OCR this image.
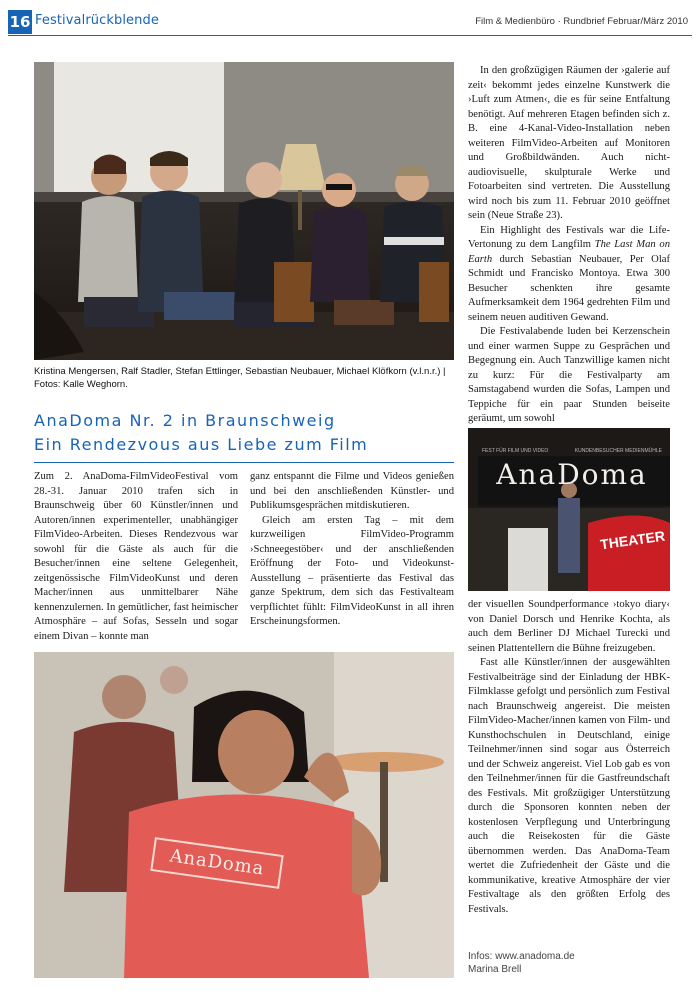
16 Festivalrückblende	Film & Medienbüro · Rundbrief Februar/März 2010
Kristina Mengersen, Ralf Stadler, Stefan Ettlinger, Sebastian Neubauer, Michael Klöfkorn (v.l.n.r.) | Fotos: Kalle Weghorn.
AnaDoma Nr. 2 in Braunschweig
Ein Rendezvous aus Liebe zum Film

Zum 2. AnaDoma-FilmVideoFestival vom 28.-31. Januar 2010 trafen sich in Braunschweig über 60 Künstler/innen und Autoren/innen experimenteller, unabhängiger FilmVideo-Arbeiten. Dieses Rendezvous war sowohl für die Gäste als auch für die Besucher/innen eine seltene Gelegenheit, zeitgenössische FilmVideoKunst und deren Macher/innen aus unmittelbarer Nähe kennenzulernen. In gemütlicher, fast heimischer Atmosphäre – auf Sofas, Sesseln und sogar einem Divan – konnte man

ganz entspannt die Filme und Videos genießen und bei den anschließenden Künstler- und Publikumsgesprächen mitdiskutieren.

Gleich am ersten Tag – mit dem kurzweiligen FilmVideo-Programm ›Schneegestöber‹ und der anschließenden Eröffnung der Foto- und Videokunst-Ausstellung – präsentierte das Festival das ganze Spektrum, dem sich das Festivalteam verpflichtet fühlt: FilmVideoKunst in all ihren Erscheinungsformen.

In den großzügigen Räumen der ›galerie auf zeit‹ bekommt jedes einzelne Kunstwerk die ›Luft zum Atmen‹, die es für seine Entfaltung benötigt. Auf mehreren Etagen befinden sich z. B. eine 4-Kanal-Video-Installation neben weiteren FilmVideo-Arbeiten auf Monitoren und Großbildwänden. Auch nicht-audiovisuelle, skulpturale Werke und Fotoarbeiten sind vertreten. Die Ausstellung wird noch bis zum 11. Februar 2010 geöffnet sein (Neue Straße 23).

Ein Highlight des Festivals war die Life-Vertonung zu dem Langfilm The Last Man on Earth durch Sebastian Neubauer, Per Olaf Schmidt und Francisko Montoya. Etwa 300 Besucher schenkten ihre gesamte Aufmerksamkeit dem 1964 gedrehten Film und seinem neuen auditiven Gewand.

Die Festivalabende luden bei Kerzenschein und einer warmen Suppe zu Gesprächen und Begegnung ein. Auch Tanzwillige kamen nicht zu kurz: Für die Festivalparty am Samstagabend wurden die Sofas, Lampen und Teppiche für ein paar Stunden beiseite geräumt, um sowohl

AnaDoma
FEST FÜR FILM UND VIDEO	KUNDENBESUCHER MEDIENMÜHLE
THEATER

der visuellen Soundperformance ›tokyo diary‹ von Daniel Dorsch und Henrike Kochta, als auch dem Berliner DJ Michael Turecki und seinen Plattentellern die Bühne freizugeben.

Fast alle Künstler/innen der ausgewählten Festivalbeiträge sind der Einladung der HBK-Filmklasse gefolgt und persönlich zum Festival nach Braunschweig angereist. Die meisten FilmVideo-Macher/innen kamen von Film- und Kunsthochschulen in Deutschland, einige Teilnehmer/innen sind sogar aus Österreich und der Schweiz angereist. Viel Lob gab es von den Teilnehmer/innen für die Gastfreundschaft des Festivals. Mit großzügiger Unterstützung durch die Sponsoren konnten neben der kostenlosen Verpflegung und Unterbringung auch die Reisekosten für die Gäste übernommen werden. Das AnaDoma-Team wertet die Zufriedenheit der Gäste und die kommunikative, kreative Atmosphäre der vier Festivaltage als den größten Erfolg des Festivals.

AnaDoma
Infos: www.anadoma.de
Marina Brell
